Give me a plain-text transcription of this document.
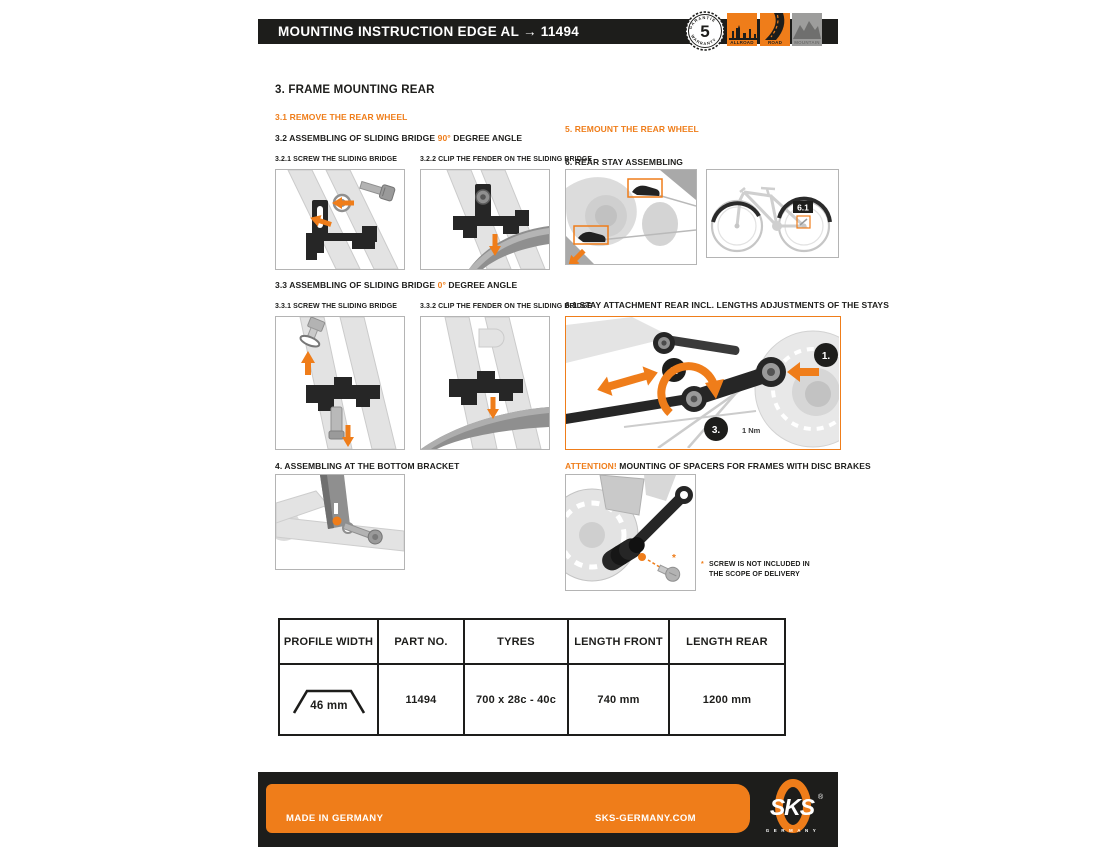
MOUNTING INSTRUCTION EDGE AL → 11494	GARANTIE
WARRANTY
5
ALLROAD	ROAD	MOUNTAIN
3. FRAME MOUNTING REAR
3.1 REMOVE THE REAR WHEEL
3.2 ASSEMBLING OF SLIDING BRIDGE 90° DEGREE ANGLE
3.2.1 SCREW THE SLIDING BRIDGE	3.2.2 CLIP THE FENDER ON THE SLIDING BRIDGE
5. REMOUNT THE REAR WHEEL
6. REAR STAY ASSEMBLING
6.1
3.3 ASSEMBLING OF SLIDING BRIDGE 0° DEGREE ANGLE
3.3.1 SCREW THE SLIDING BRIDGE	3.3.2 CLIP THE FENDER ON THE SLIDING BRIDGE
6.1 STAY ATTACHMENT REAR INCL. LENGTHS ADJUSTMENTS OF THE STAYS
1.
2.
3.	1 Nm
4. ASSEMBLING AT THE BOTTOM BRACKET	ATTENTION! MOUNTING OF SPACERS FOR FRAMES WITH DISC BRAKES
*
* SCREW IS NOT INCLUDED IN
THE SCOPE OF DELIVERY
PROFILE WIDTH	PART NO.	TYRES	LENGTH FRONT	LENGTH REAR
46 mm	11494	700 x 28c - 40c	740 mm	1200 mm
MADE IN GERMANY	SKS-GERMANY.COM	SKS ®
GERMANY
